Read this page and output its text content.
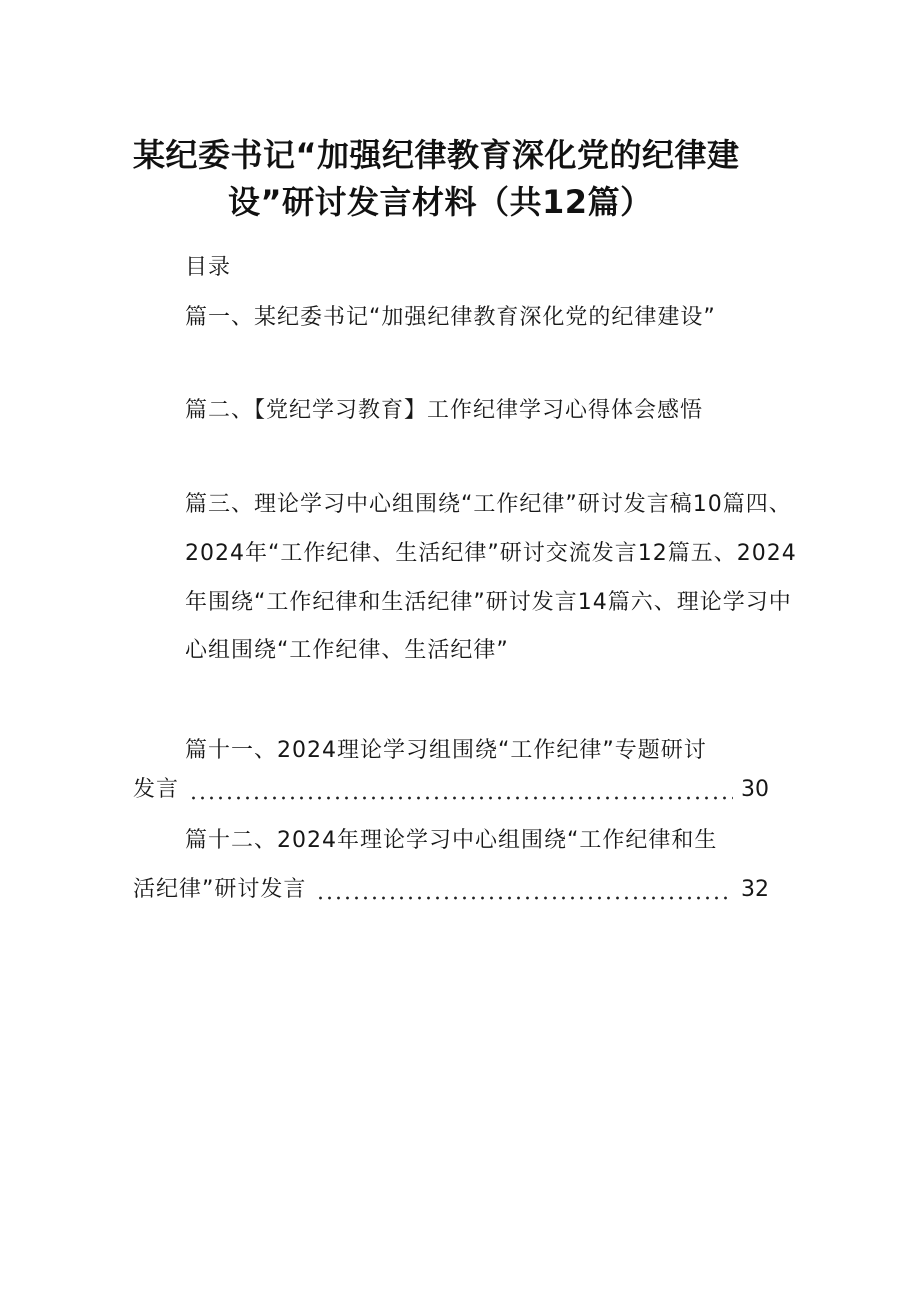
某纪委书记“加强纪律教育深化党的纪律建
设”研讨发言材料（共12篇）
目录
篇一、某纪委书记“加强纪律教育深化党的纪律建设”
篇二、【党纪学习教育】工作纪律学习心得体会感悟
篇三、理论学习中心组围绕“工作纪律”研讨发言稿10篇四、
2024年“工作纪律、生活纪律”研讨交流发言12篇五、2024
年围绕“工作纪律和生活纪律”研讨发言14篇六、理论学习中
心组围绕“工作纪律、生活纪律”
篇十一、2024理论学习组围绕“工作纪律”专题研讨
发言	30
篇十二、2024年理论学习中心组围绕“工作纪律和生
活纪律”研讨发言	32
